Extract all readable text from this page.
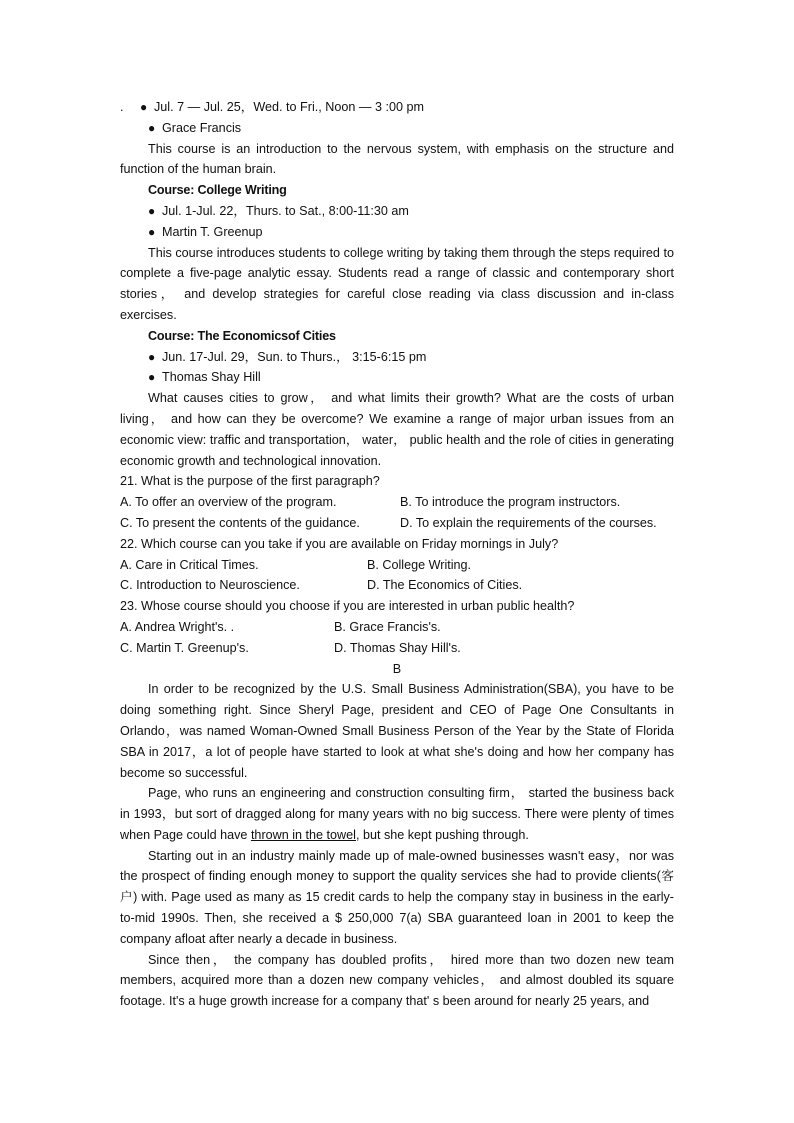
. ● Jul. 7 — Jul. 25，Wed. to Fri., Noon — 3 :00 pm

● Grace Francis

This course is an introduction to the nervous system, with emphasis on the structure and function of the human brain.

Course: College Writing

● Jul. 1-Jul. 22，Thurs. to Sat., 8:00-11:30 am

● Martin T. Greenup

This course introduces students to college writing by taking them through the steps required to complete a five-page analytic essay. Students read a range of classic and contemporary short stories， and develop strategies for careful close reading via class discussion and in-class exercises.

Course: The Economicsof Cities

● Jun. 17-Jul. 29，Sun. to Thurs.， 3:15-6:15 pm

● Thomas Shay Hill

What causes cities to grow， and what limits their growth? What are the costs of urban living， and how can they be overcome? We examine a range of major urban issues from an economic view: traffic and transportation， water， public health and the role of cities in generating economic growth and technological innovation.

21. What is the purpose of the first paragraph?

A. To offer an overview of the program.	B. To introduce the program instructors.
C. To present the contents of the guidance.	D. To explain the requirements of the courses.

22. Which course can you take if you are available on Friday mornings in July?

A. Care in Critical Times.	B. College Writing.
C. Introduction to Neuroscience.	D. The Economics of Cities.

23. Whose course should you choose if you are interested in urban public health?

A. Andrea Wright's. .	B. Grace Francis's.
C. Martin T. Greenup's.	D. Thomas Shay Hill's.

B

In order to be recognized by the U.S. Small Business Administration(SBA), you have to be doing something right. Since Sheryl Page, president and CEO of Page One Consultants in Orlando，was named Woman-Owned Small Business Person of the Year by the State of Florida SBA in 2017，a lot of people have started to look at what she's doing and how her company has become so successful.

Page, who runs an engineering and construction consulting firm， started the business back in 1993，but sort of dragged along for many years with no big success. There were plenty of times when Page could have thrown in the towel, but she kept pushing through.

Starting out in an industry mainly made up of male-owned businesses wasn't easy，nor was the prospect of finding enough money to support the quality services she had to provide clients(客户) with. Page used as many as 15 credit cards to help the company stay in business in the early-to-mid 1990s. Then, she received a $ 250,000 7(a) SBA guaranteed loan in 2001 to keep the company afloat after nearly a decade in business.

Since then， the company has doubled profits， hired more than two dozen new team members, acquired more than a dozen new company vehicles， and almost doubled its square footage. It's a huge growth increase for a company that' s been around for nearly 25 years, and
